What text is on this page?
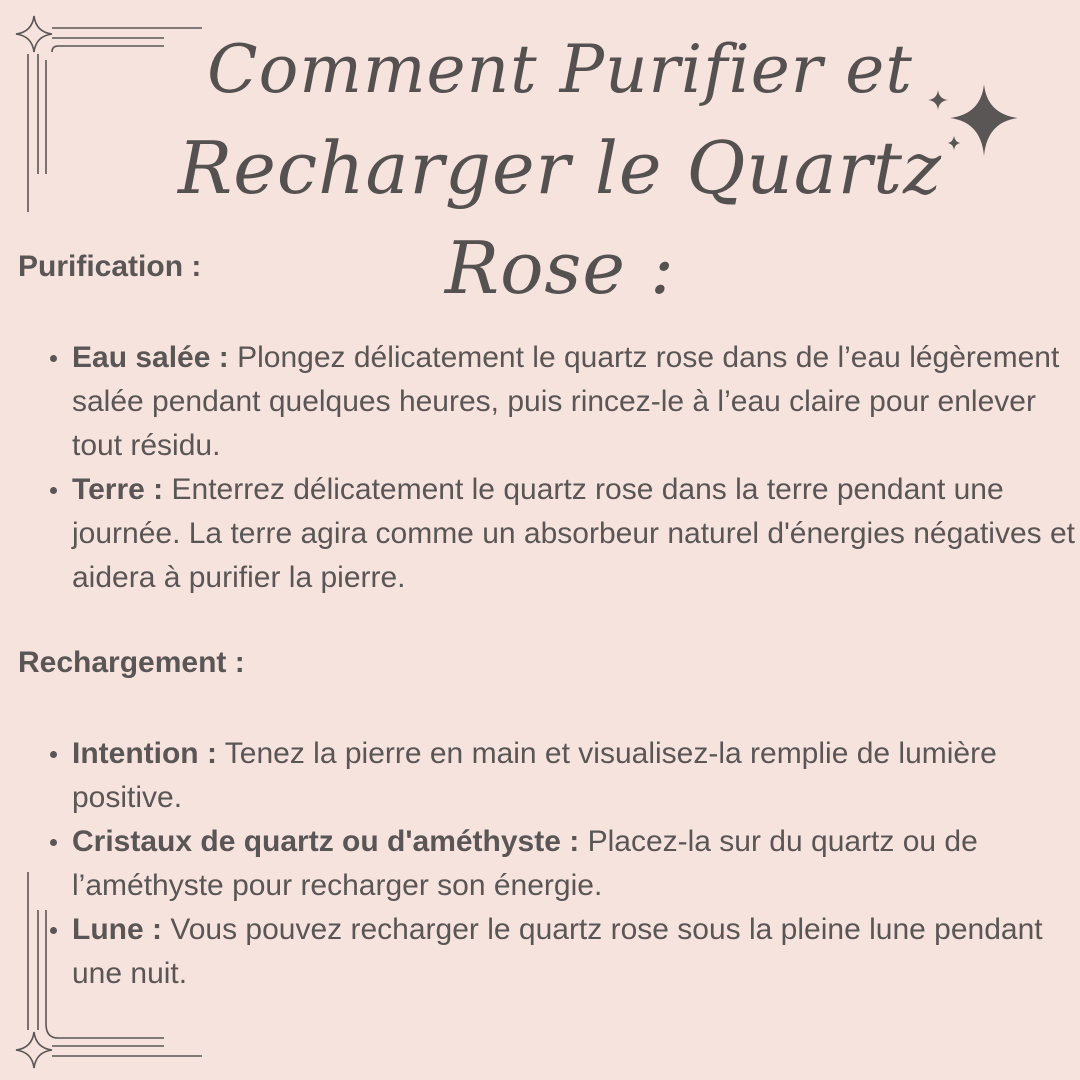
Comment Purifier et
Recharger le Quartz Rose :
Purification :
Eau salée : Plongez délicatement le quartz rose dans de l’eau légèrement salée pendant quelques heures, puis rincez-le à l’eau claire pour enlever tout résidu.
Terre : Enterrez délicatement le quartz rose dans la terre pendant une journée. La terre agira comme un absorbeur naturel d'énergies négatives et aidera à purifier la pierre.
Rechargement :
Intention : Tenez la pierre en main et visualisez-la remplie de lumière positive.
Cristaux de quartz ou d'améthyste : Placez-la sur du quartz ou de l’améthyste pour recharger son énergie.
Lune : Vous pouvez recharger le quartz rose sous la pleine lune pendant une nuit.
